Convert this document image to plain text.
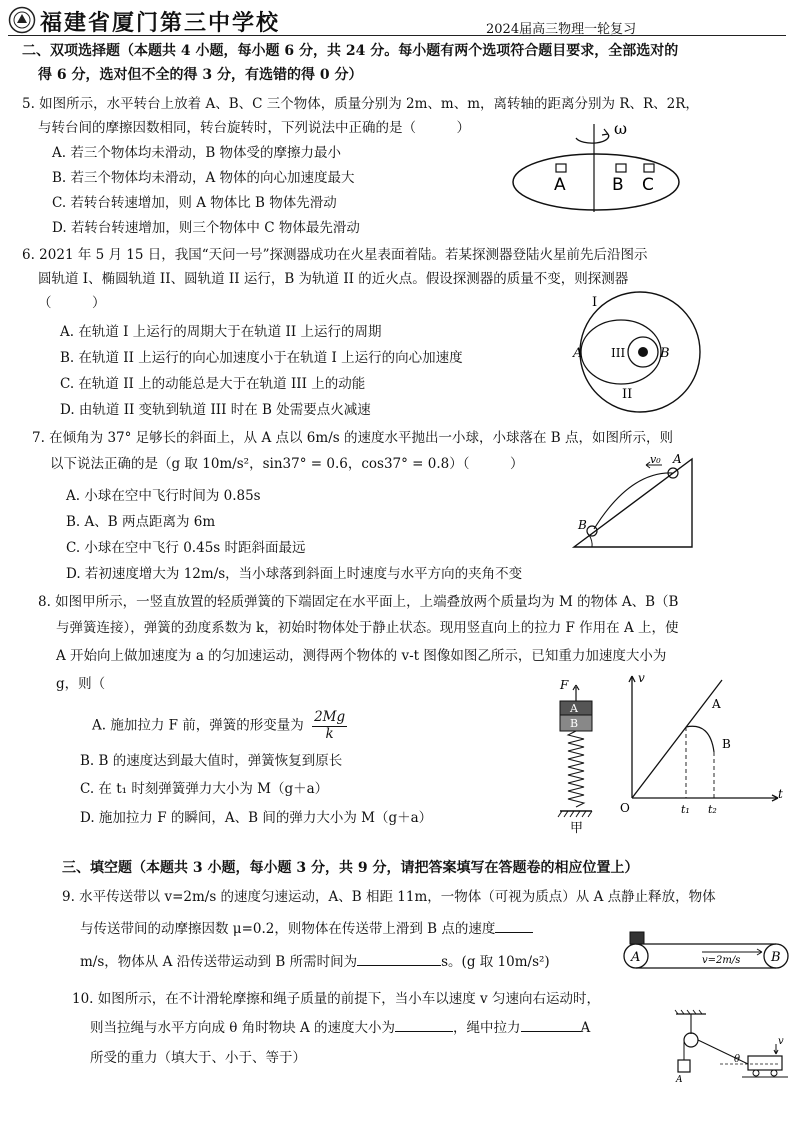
福建省厦门第三中学校	2024届高三物理一轮复习
二、双项选择题（本题共 4 小题，每小题 6 分，共 24 分。每小题有两个选项符合题目要求，全部选对的
得 6 分，选对但不全的得 3 分，有选错的得 0 分）
5. 如图所示，水平转台上放着 A、B、C 三个物体，质量分别为 2m、m、m，离转轴的距离分别为 R、R、2R，
与转台间的摩擦因数相同，转台旋转时，下列说法中正确的是（　　　）
A. 若三个物体均未滑动，B 物体受的摩擦力最小
B. 若三个物体均未滑动，A 物体的向心加速度最大
C. 若转台转速增加，则 A 物体比 B 物体先滑动
D. 若转台转速增加，则三个物体中 C 物体最先滑动
ω
A	B C
6. 2021 年 5 月 15 日，我国“天问一号”探测器成功在火星表面着陆。若某探测器登陆火星前先后沿图示
圆轨道 I、椭圆轨道 II、圆轨道 II 运行，B 为轨道 II 的近火点。假设探测器的质量不变，则探测器
（　　　）
A. 在轨道 I 上运行的周期大于在轨道 II 上运行的周期
B. 在轨道 II 上运行的向心加速度小于在轨道 I 上运行的向心加速度
C. 在轨道 II 上的动能总是大于在轨道 III 上的动能
D. 由轨道 II 变轨到轨道 III 时在 B 处需要点火减速
I
II
III
A	B
7. 在倾角为 37° 足够长的斜面上，从 A 点以 6m/s 的速度水平抛出一小球，小球落在 B 点，如图所示，则
以下说法正确的是（g 取 10m/s²，sin37° = 0.6，cos37° = 0.8）（　　　）
A. 小球在空中飞行时间为 0.85s
B. A、B 两点距离为 6m
C. 小球在空中飞行 0.45s 时距斜面最远
D. 若初速度增大为 12m/s，当小球落到斜面上时速度与水平方向的夹角不变
v₀ A
B
8. 如图甲所示，一竖直放置的轻质弹簧的下端固定在水平面上，上端叠放两个质量均为 M 的物体 A、B（B
与弹簧连接），弹簧的劲度系数为 k，初始时物体处于静止状态。现用竖直向上的拉力 F 作用在 A 上，使
A 开始向上做加速度为 a 的匀加速运动，测得两个物体的 v-t 图像如图乙所示，已知重力加速度大小为
g，则（
A. 施加拉力 F 前，弹簧的形变量为 $\frac{2Mg}{k}$
B. B 的速度达到最大值时，弹簧恢复到原长
C. 在 t₁ 时刻弹簧弹力大小为 M（g＋a）
D. 施加拉力 F 的瞬间，A、B 间的弹力大小为 M（g＋a）
F
A
B
甲
v
t
O	t₁ t₂
A
B
三、填空题（本题共 3 小题，每小题 3 分，共 9 分，请把答案填写在答题卷的相应位置上）
9. 水平传送带以 v=2m/s 的速度匀速运动，A、B 相距 11m，一物体（可视为质点）从 A 点静止释放，物体
与传送带间的动摩擦因数 μ=0.2，则物体在传送带上滑到 B 点的速度
m/s，物体从 A 沿传送带运动到 B 所需时间为	s。(g 取 10m/s²)	A	B
v=2m/s
10. 如图所示，在不计滑轮摩擦和绳子质量的前提下，当小车以速度 v 匀速向右运动时，
则当拉绳与水平方向成 θ 角时物块 A 的速度大小为	，绳中拉力	A
所受的重力（填大于、小于、等于）
A
θ
v
